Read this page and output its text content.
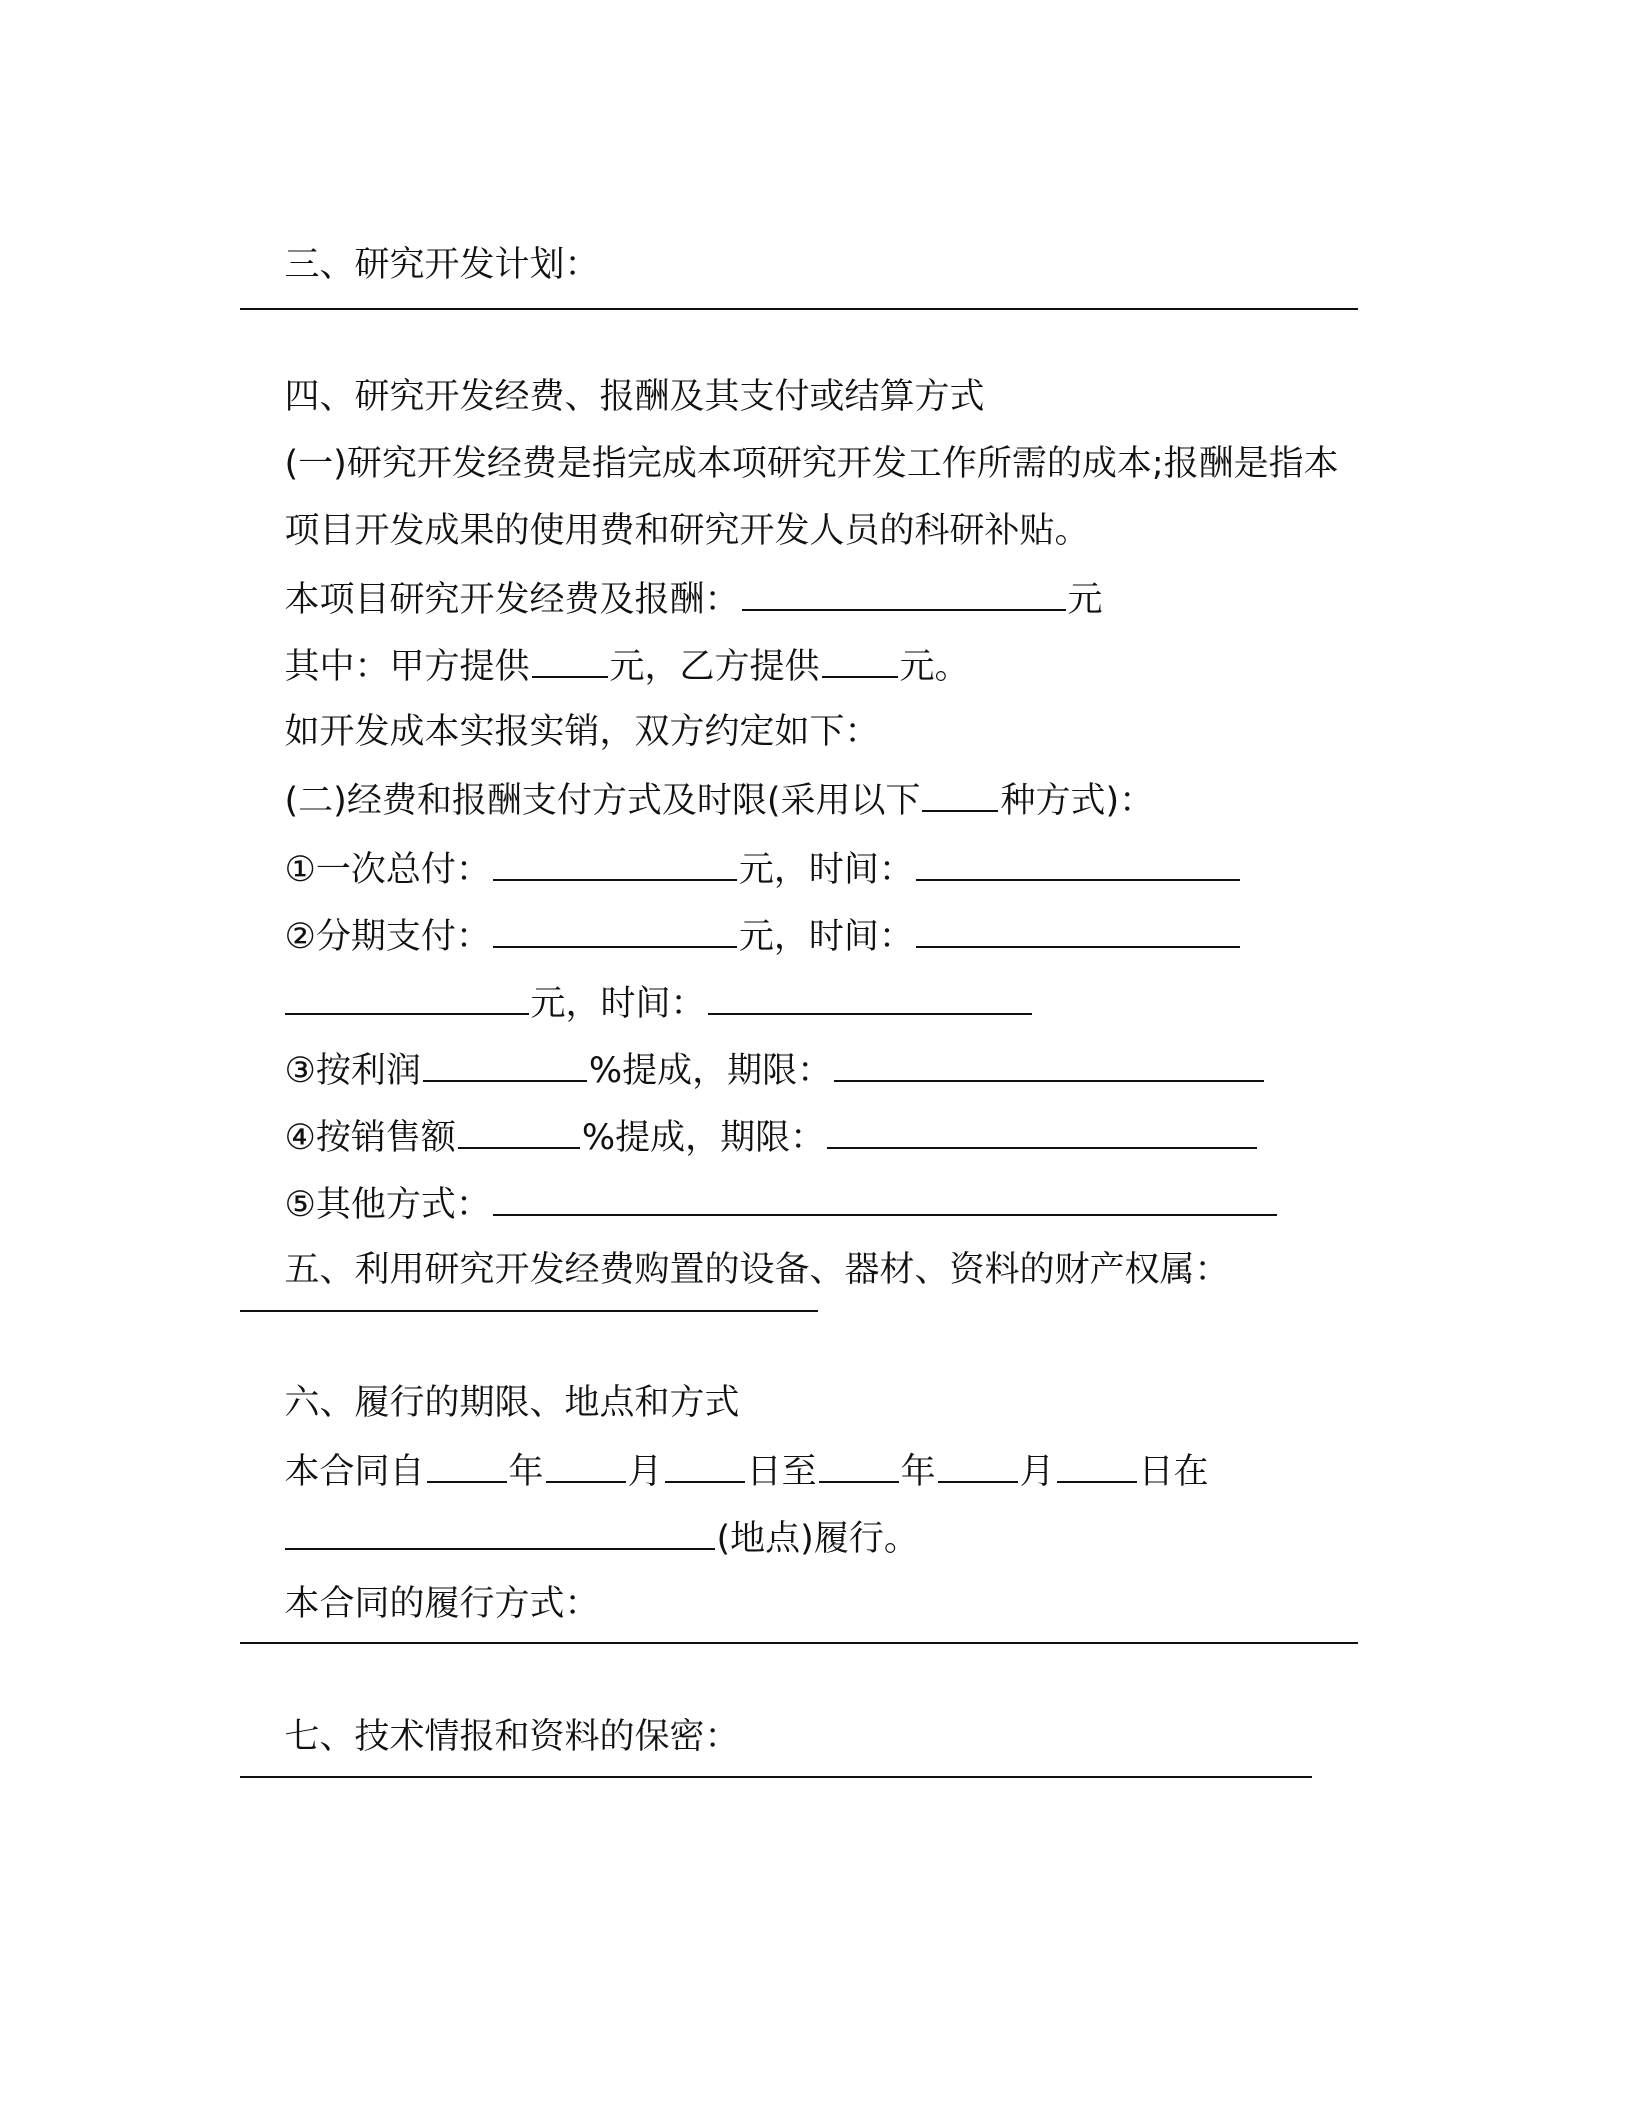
三、研究开发计划：

四、研究开发经费、报酬及其支付或结算方式

(一)研究开发经费是指完成本项研究开发工作所需的成本;报酬是指本

项目开发成果的使用费和研究开发人员的科研补贴。

本项目研究开发经费及报酬：	元

其中：甲方提供 元，乙方提供 元。

如开发成本实报实销，双方约定如下：

(二)经费和报酬支付方式及时限(采用以下 种方式)：

①一次总付：	元，时间：

②分期支付：	元，时间：

元，时间：

③按利润	%提成，期限：

④按销售额	%提成，期限：

⑤其他方式：

五、利用研究开发经费购置的设备、器材、资料的财产权属：

六、履行的期限、地点和方式

本合同自 年 月 日至 年 月 日在

(地点)履行。

本合同的履行方式：

七、技术情报和资料的保密：
